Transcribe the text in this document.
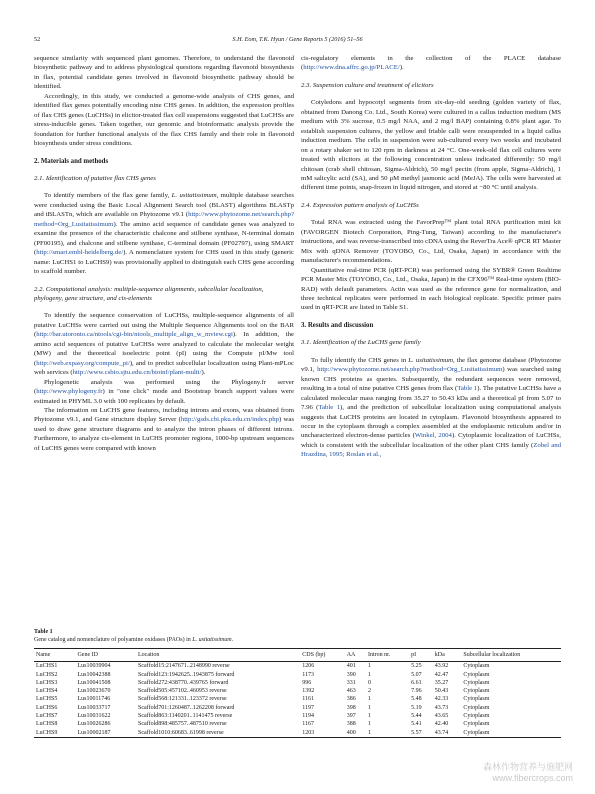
52	S.H. Eom, T.K. Hyun / Gene Reports 5 (2016) 51–56

sequence similarity with sequenced plant genomes. Therefore, to understand the flavonoid biosynthetic pathway and to address physiological questions regarding flavonoid biosynthesis in flax, potential candidate genes involved in flavonoid biosynthetic pathway should be identified.

Accordingly, in this study, we conducted a genome-wide analysis of CHS genes, and identified flax genes potentially encoding nine CHS genes. In addition, the expression profiles of flax CHS genes (LuCHSs) in elicitor-treated flax cell suspensions suggested that LuCHSs are stress-inducible genes. Taken together, our genomic and bioinformatic analysis provide the foundation for further functional analysis of the flax CHS family and their role in flavonoid biosynthesis under stress conditions.

2. Materials and methods
2.1. Identification of putative flax CHS genes

To identify members of the flax gene family, L. usitatissimum, multiple database searches were conducted using the Basic Local Alignment Search tool (BLAST) algorithms BLASTp and tBLASTn, which are available on Phytozome v9.1 (http://www.phytozome.net/search.php?method=Org_Lusitatissimum). The amino acid sequence of candidate genes was analyzed to examine the presence of the characteristic chalcone and stilbene synthase, N-terminal domain (PF00195), and chalcone and stilbene synthase, C-terminal domain (PF02797), using SMART (http://smart.embl-heidelberg.de/). A nomenclature system for CHS used in this study (generic name: LuCHS1 to LuCHS9) was provisionally applied to distinguish each CHS gene according to scaffold number.

2.2. Computational analysis: multiple-sequence alignments, subcellular localization, phylogeny, gene structure, and cis-elements

To identify the sequence conservation of LuCHSs, multiple-sequence alignments of all putative LuCHSs were carried out using the Multiple Sequence Alignments tool on the BAR (http://bar.utoronto.ca/ntools/cgi-bin/ntools_multiple_align_w_mview.cgi). In addition, the amino acid sequences of putative LuCHSs were analyzed to calculate the molecular weight (MW) and the theoretical isoelectric point (pI) using the Compute pI/Mw tool (http://web.expasy.org/compute_pi/), and to predict subcellular localization using Plant-mPLoc web services (http://www.csbio.sjtu.edu.cn/bioinf/plant-multi/).

Phylogenetic analysis was performed using the Phylogeny.fr server (http://www.phylogeny.fr) in "one click" mode and Bootstrap branch support values were estimated in PHYML 3.0 with 100 replicates by default.

The information on LuCHS gene features, including introns and exons, was obtained from Phytozome v9.1, and Gene structure display Server (http://gsds.cbi.pku.edu.cn/index.php) was used to draw gene structure diagrams and to analyze the intron phases of different introns. Furthermore, to analyze cis-element in LuCHS promoter regions, 1000-bp upstream sequences of LuCHS genes were compared with known

cis-regulatory elements in the collection of the PLACE database (http://www.dna.affrc.go.jp/PLACE/).

2.3. Suspension culture and treatment of elicitors

Cotyledons and hypocotyl segments from six-day-old seeding (golden variety of flax, obtained from Danong Co. Ltd., South Korea) were cultured in a callus induction medium (MS medium with 3% sucrose, 0.5 mg/l NAA, and 2 mg/l BAP) containing 0.8% plant agar. To establish suspension cultures, the yellow and friable calli were resuspended in a liquid callus induction medium. The cells in suspension were sub-cultured every two weeks and incubated on a rotary shaker set to 120 rpm in darkness at 24 °C. One-week-old flax cell cultures were treated with elicitors at the following concentration unless indicated differently: 50 mg/l chitosan (crab shell chitosan, Sigma-Aldrich), 50 mg/l pectin (from apple, Sigma-Aldrich), 1 mM salicylic acid (SA), and 50 μM methyl jasmonic acid (MeJA). The cells were harvested at different time points, snap-frozen in liquid nitrogen, and stored at −80 °C until analysis.

2.4. Expression pattern analysis of LuCHSs

Total RNA was extracted using the FavorPrep™ plant total RNA purification mini kit (FAVORGEN Biotech Corporation, Ping-Tung, Taiwan) according to the manufacturer's instructions, and was reverse-transcribed into cDNA using the ReverTra Ace® qPCR RT Master Mix with qDNA Remover (TOYOBO, Co., Ltd, Osaka, Japan) in accordance with the manufacturer's recommendations.

Quantitative real-time PCR (qRT-PCR) was performed using the SYBR® Green Realtime PCR Master Mix (TOYOBO, Co., Ltd., Osaka, Japan) in the CFX96™ Real-time system (BIO-RAD) with default parameters. Actin was used as the reference gene for normalization, and three technical replicates were performed in each biological replicate. Specific primer pairs used in qRT-PCR are listed in Table S1.

3. Results and discussion
3.1. Identification of the LuCHS gene family

To fully identify the CHS genes in L. usitatissimum, the flax genome database (Phytozome v9.1, http://www.phytozome.net/search.php?method=Org_Lusitatissimum) was searched using known CHS proteins as queries. Subsequently, the redundant sequences were removed, resulting in a total of nine putative CHS genes from flax (Table 1). The putative LuCHSs have a calculated molecular mass ranging from 35.27 to 50.43 kDa and a theoretical pI from 5.07 to 7.96 (Table 1), and the prediction of subcellular localization using computational analysis suggests that LuCHS proteins are located in cytoplasm. Flavonoid biosynthesis appeared to occur in the cytoplasm through a complex assembled at the endoplasmic reticulum and/or in uncharacterized electron-dense particles (Winkel, 2004). Cytoplasmic localization of LuCHSs, which is consistent with the subcellular localization of the other plant CHS family (Zobel and Hrazdina, 1995; Roslan et al.,

Table 1
Gene catalog and nomenclature of polyamine oxidases (PAOs) in L. usitatissimum.
Name	Gene ID	Location	CDS (bp)	AA	Intron nr.	pI	kDa	Subcellular localization
LuCHS1	Lus10039904	Scaffold15:2147671..2148990 reverse	1206	401	1	5.25	43.92	Cytoplasm
LuCHS2	Lus10042388	Scaffold123:1942625..1943875 forward	1173	390	1	5.07	42.47	Cytoplasm
LuCHS3	Lus10041508	Scaffold272:438770..439765 forward	996	331	0	6.61	35.27	Cytoplasm
LuCHS4	Lus10023670	Scaffold505:457102..460953 reverse	1392	463	2	7.96	50.43	Cytoplasm
LuCHS5	Lus10011746	Scaffold568:121331..123372 reverse	1161	386	1	5.48	42.33	Cytoplasm
LuCHS6	Lus10033717	Scaffold701:1260487..1262208 forward	1197	398	1	5.19	43.73	Cytoplasm
LuCHS7	Lus10031622	Scaffold863:1140201..1141475 reverse	1194	397	1	5.44	43.65	Cytoplasm
LuCHS8	Lus10026286	Scaffold898:485757..487510 reverse	1167	388	1	5.41	42.40	Cytoplasm
LuCHS9	Lus10002187	Scaffold1010:60683..61998 reverse	1203	400	1	5.57	43.74	Cytoplasm
森林作物营养与施肥网
www.fibercrops.com
